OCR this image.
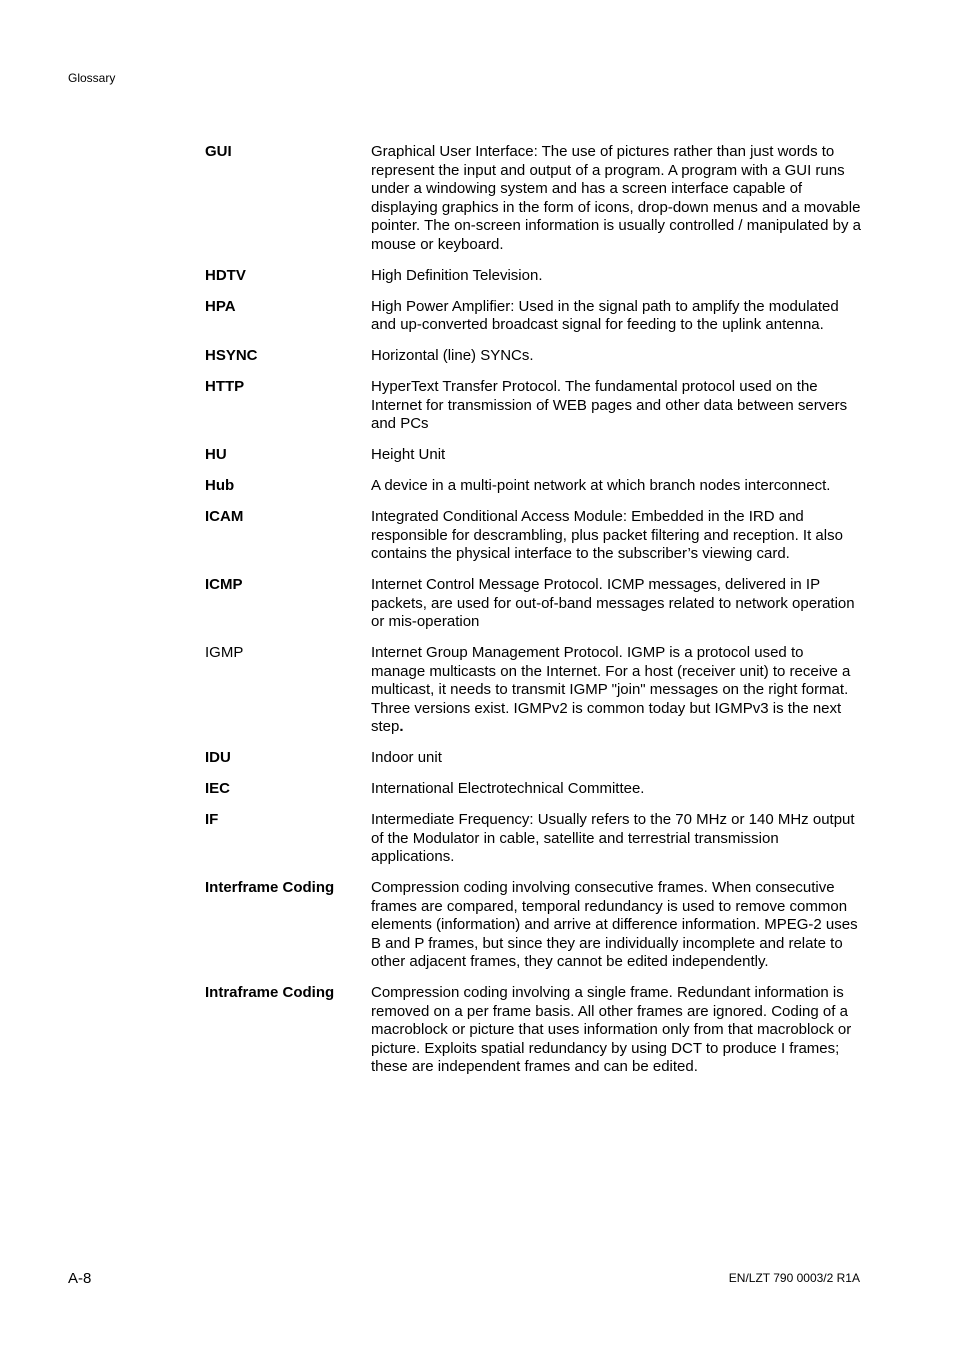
Glossary
GUI	Graphical User Interface: The use of pictures rather than just words to represent the input and output of a program. A program with a GUI runs under a windowing system and has a screen interface capable of displaying graphics in the form of icons, drop-down menus and a movable pointer. The on-screen information is usually controlled / manipulated by a mouse or keyboard.
HDTV	High Definition Television.
HPA	High Power Amplifier: Used in the signal path to amplify the modulated and up-converted broadcast signal for feeding to the uplink antenna.
HSYNC	Horizontal (line) SYNCs.
HTTP	HyperText Transfer Protocol. The fundamental protocol used on the Internet for transmission of WEB pages and other data between servers and PCs
HU	Height Unit
Hub	A device in a multi-point network at which branch nodes interconnect.
ICAM	Integrated Conditional Access Module: Embedded in the IRD and responsible for descrambling, plus packet filtering and reception. It also contains the physical interface to the subscriber’s viewing card.
ICMP	Internet Control Message Protocol. ICMP messages, delivered in IP packets, are used for out-of-band messages related to network operation or mis-operation
IGMP	Internet Group Management Protocol. IGMP is a protocol used to manage multicasts on the Internet. For a host (receiver unit) to receive a multicast, it needs to transmit IGMP "join" messages on the right format. Three versions exist. IGMPv2 is common today but IGMPv3 is the next step.
IDU	Indoor unit
IEC	International Electrotechnical Committee.
IF	Intermediate Frequency: Usually refers to the 70 MHz or 140 MHz output of the Modulator in cable, satellite and terrestrial transmission applications.
Interframe Coding	Compression coding involving consecutive frames. When consecutive frames are compared, temporal redundancy is used to remove common elements (information) and arrive at difference information. MPEG-2 uses B and P frames, but since they are individually incomplete and relate to other adjacent frames, they cannot be edited independently.
Intraframe Coding	Compression coding involving a single frame. Redundant information is removed on a per frame basis. All other frames are ignored. Coding of a macroblock or picture that uses information only from that macroblock or picture. Exploits spatial redundancy by using DCT to produce I frames; these are independent frames and can be edited.
A-8	EN/LZT 790 0003/2 R1A
